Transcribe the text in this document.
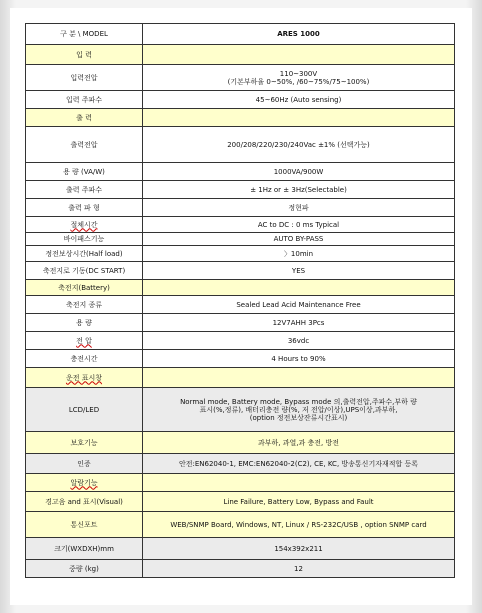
구 분 \ MODEL	ARES 1000
입 력	
입력전압	110~300V
(기본부하율 0~50%, /60~75%/75~100%)
입력 주파수	45~60Hz (Auto sensing)
출 력	
출력전압	200/208/220/230/240Vac ±1% (선택가능)
용 량 (VA/W)	1000VA/900W
출력 주파수	± 1Hz or ± 3Hz(Selectable)
출력 파 형	정현파
절체시간	AC to DC : 0 ms Typical
바이패스기능	AUTO BY-PASS
정전보상시간(Half load)	〉10min
축전지로 기동(DC START)	YES
축전지(Battery)	
축전지 종류	Sealed Lead Acid Maintenance Free
용 량	12V7AHH 3Pcs
전 압	36vdc
충전시간	4 Hours to 90%
운전 표시창	
LCD/LED	Normal mode, Battery mode, Bypass mode 의,출력전압,주파수,부하 량
표시(%,정류), 배터리충전 량(%, 저 전압/이상),UPS이상,과부하,
(option 정전보상잔류시간표시)
보호기능	과부하, 과열,과 충전, 방전
인증	안전:EN62040-1, EMC:EN62040-2(C2), CE, KC, 방송통신기자재적합 등록
알람기능	
경고음 and 표시(Visual)	Line Failure, Battery Low, Bypass and Fault
통신포트	WEB/SNMP Board, Windows, NT, Linux / RS-232C/USB , option SNMP card
크기(WXDXH)mm	154x392x211
중량 (kg)	12
